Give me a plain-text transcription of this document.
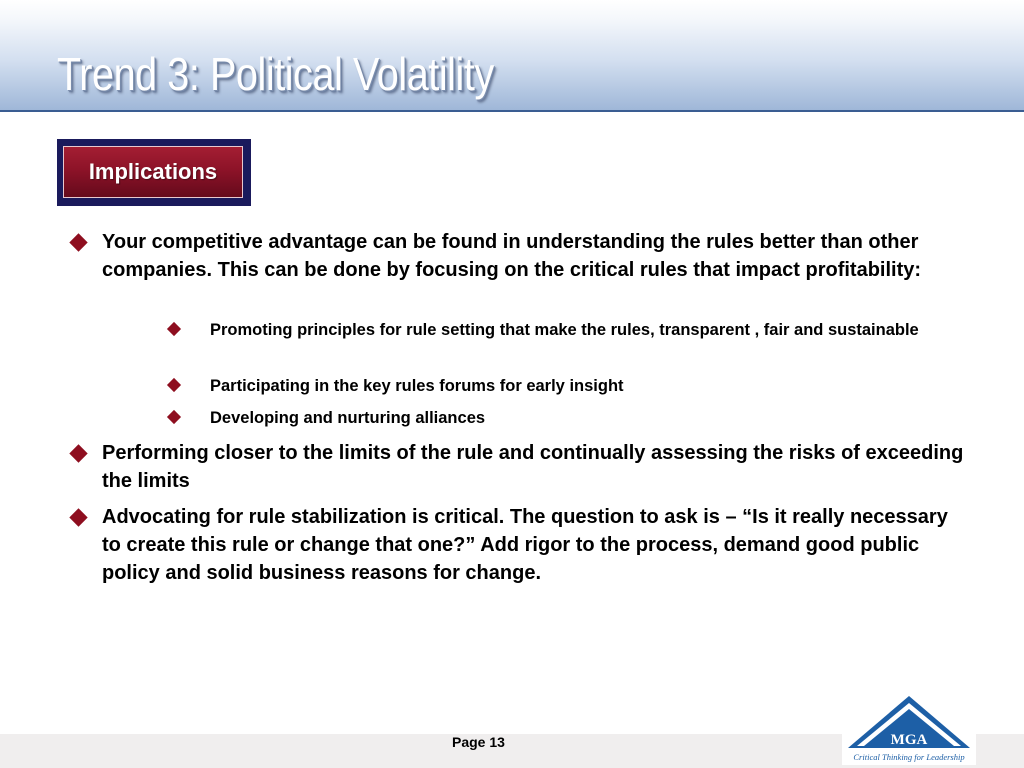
Trend 3: Political Volatility
Implications
Your competitive advantage can be found in understanding the rules better than other companies. This can be done by focusing on the critical rules that impact profitability:
Promoting principles for rule setting that make the rules, transparent , fair and sustainable
Participating in the key rules forums for early insight
Developing and nurturing alliances
Performing closer to the limits of the rule and continually assessing the risks of exceeding the limits
Advocating for rule stabilization is critical. The question to ask is – “Is it really necessary to create this rule or change that one?” Add rigor to the process, demand good public policy and solid business reasons for change.
Page 13	MGA
Critical Thinking for Leadership
